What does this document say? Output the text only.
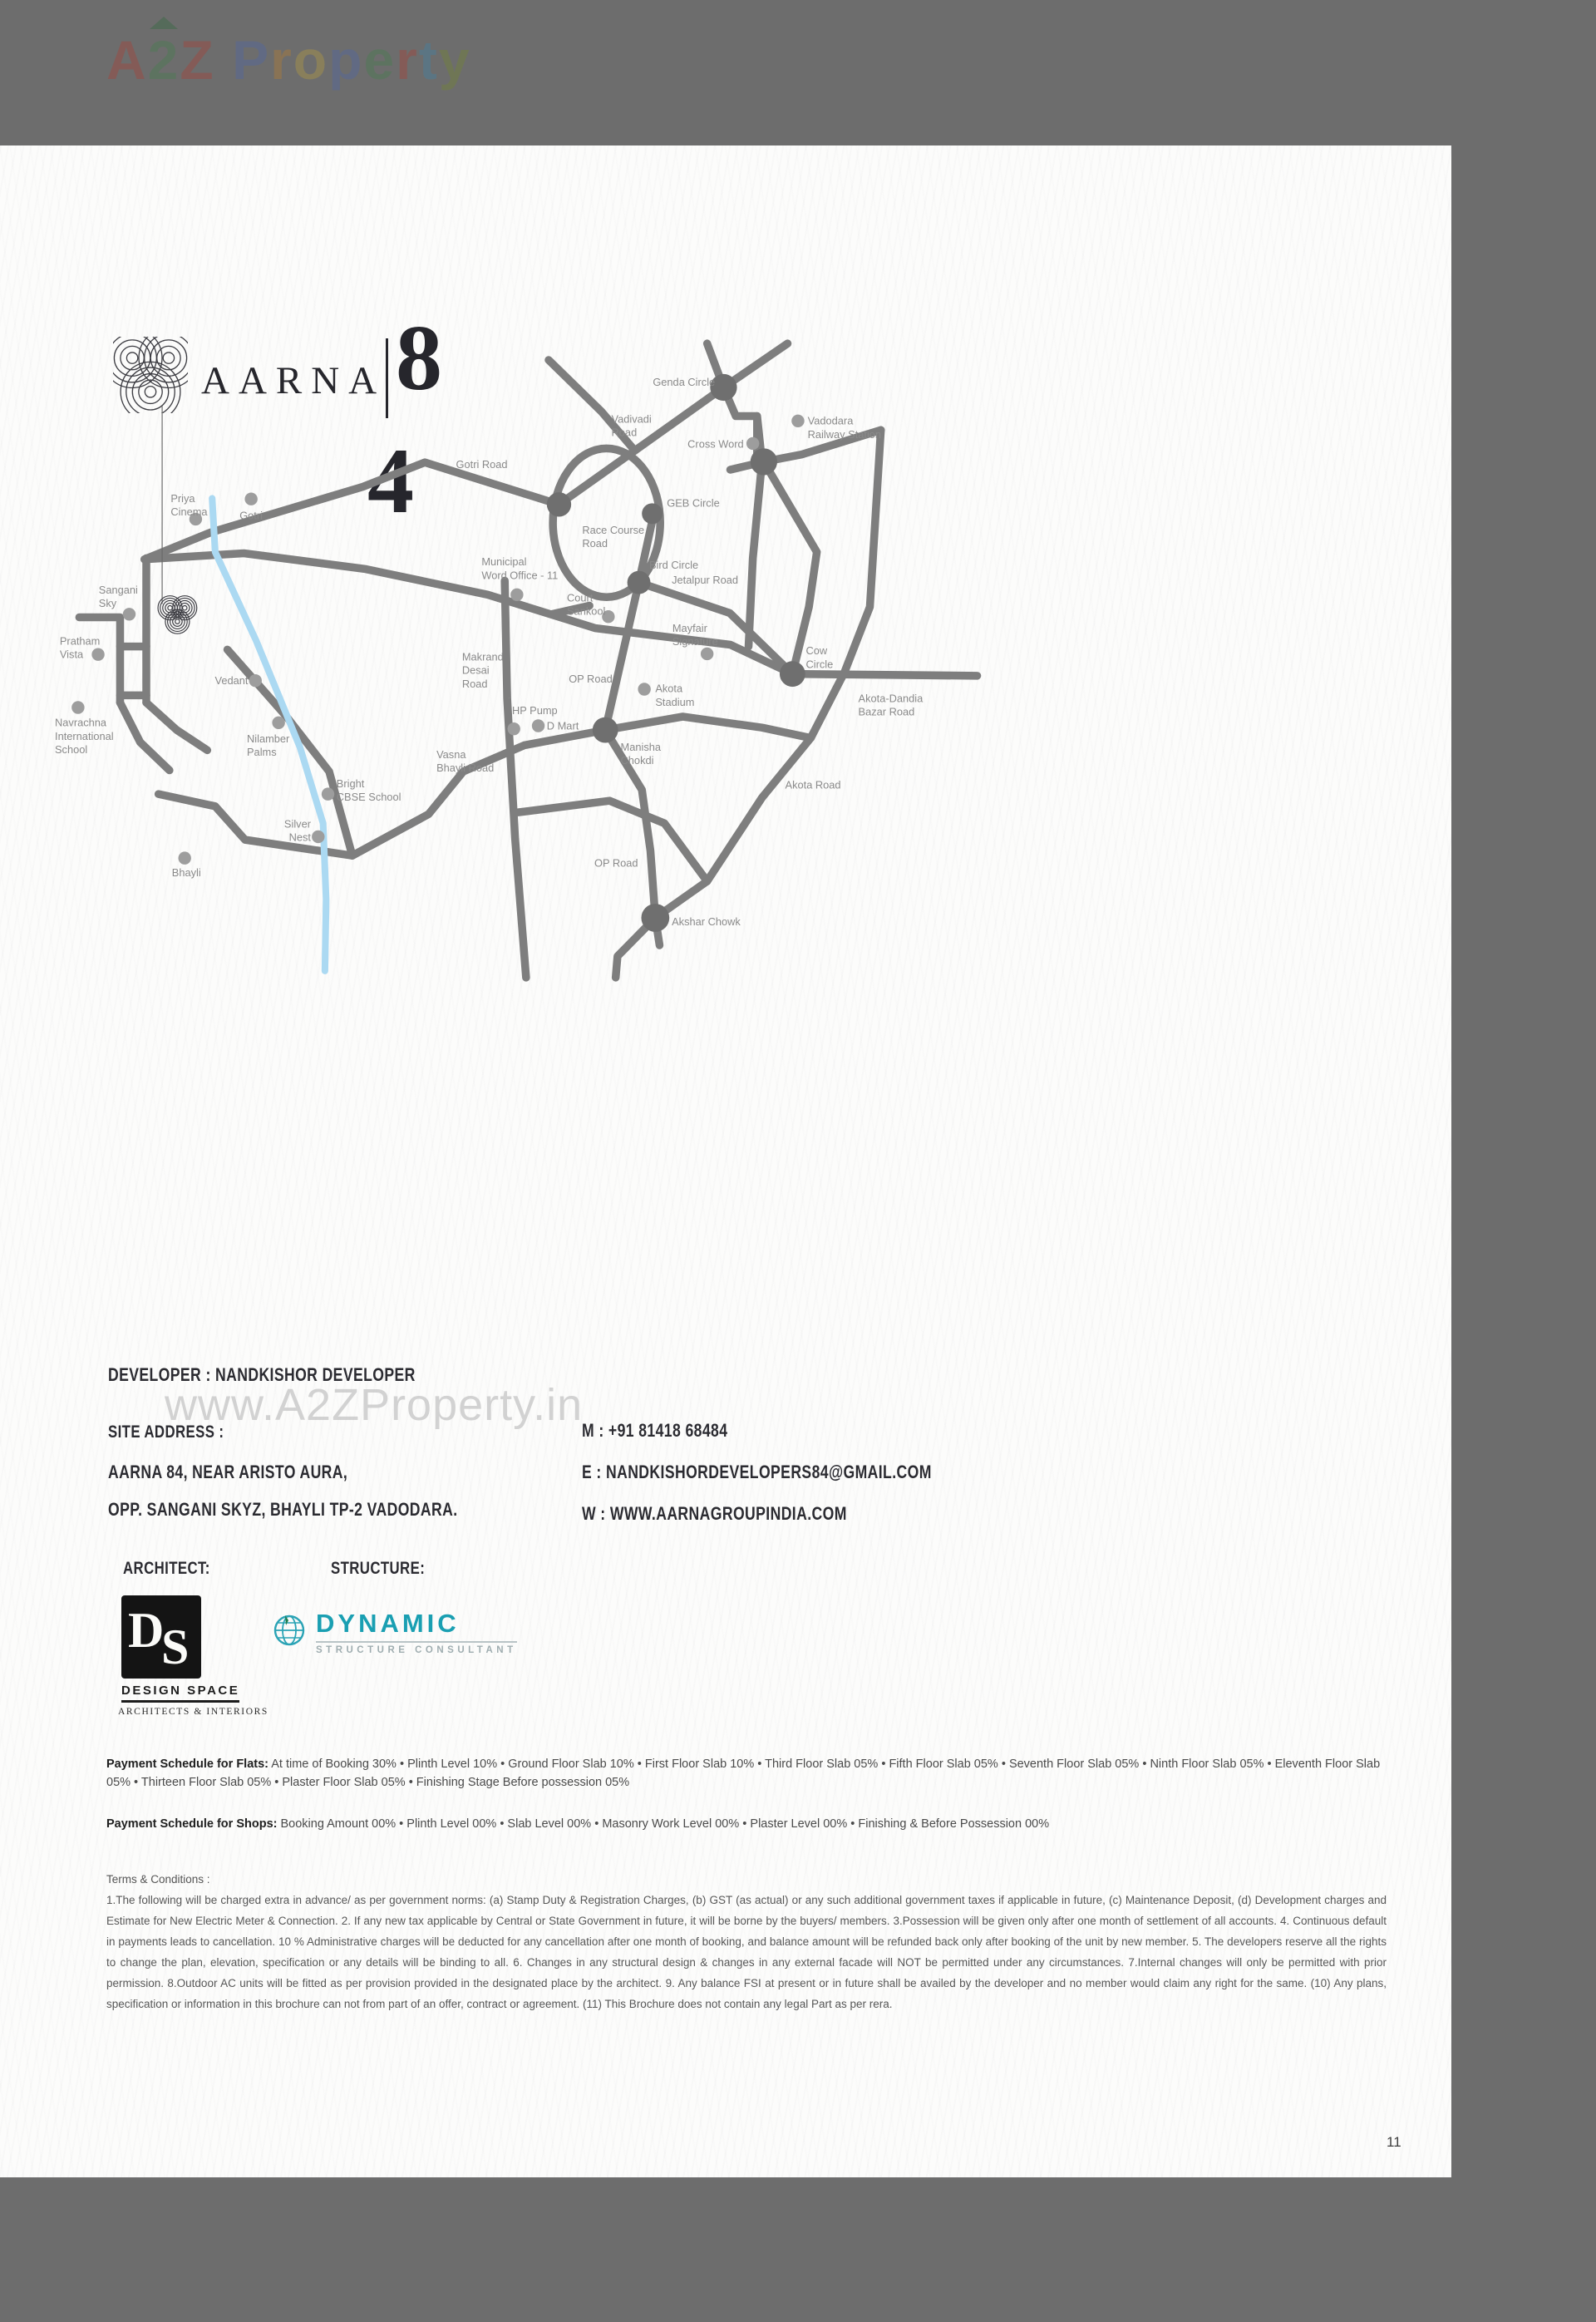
A2
Z Property
AARNA 84
Genda Circle
Vadivadi Road
Vadodara Railway Station
Cross Word
GEB Circle
Race Course Road
Bird Circle
Jetalpur Road
Gotri Road
Municipal Word Office - 11
Court Sankool
Mayfair Signature
Cow Circle
Makrand Desai Road	OP Road
Akota Stadium	Akota-Dandia Bazar Road
HP Pump
D Mart
Manisha Chokdi
Sangani Sky
Pratham Vista
Navrachna International School
Vedant
Nilamber Palms	Vasna Bhayli Road
Bright CBSE School
Silver Nest
Bhayli
Akota Road
OP Road
Priya Cinema Gotri
Akshar Chowk
www.A2ZProperty.in
DEVELOPER : NANDKISHOR DEVELOPER
SITE ADDRESS :
AARNA 84, NEAR ARISTO AURA,
OPP. SANGANI SKYZ, BHAYLI TP-2 VADODARA.
M : +91 81418 68484
E : NANDKISHORDEVELOPERS84@GMAIL.COM
W : WWW.AARNAGROUPINDIA.COM
ARCHITECT:	STRUCTURE:
D
S
DESIGN SPACE
ARCHITECTS & INTERIORS
DYNAMIC
STRUCTURE CONSULTANT
Payment Schedule for Flats: At time of Booking 30% • Plinth Level 10% • Ground Floor Slab 10% • First Floor Slab 10% • Third Floor Slab 05% • Fifth Floor Slab 05% • Seventh Floor Slab 05% • Ninth Floor Slab 05% • Eleventh Floor Slab 05% • Thirteen Floor Slab 05% • Plaster Floor Slab 05% • Finishing Stage Before possession 05%
Payment Schedule for Shops: Booking Amount 00% • Plinth Level 00% • Slab Level 00% • Masonry Work Level 00% • Plaster Level 00% • Finishing & Before Possession 00%
Terms & Conditions :
1.The following will be charged extra in advance/ as per government norms: (a) Stamp Duty & Registration Charges, (b) GST (as actual) or any such additional government taxes if applicable in future, (c) Maintenance Deposit, (d) Development charges and Estimate for New Electric Meter & Connection. 2. If any new tax applicable by Central or State Government in future, it will be borne by the buyers/ members. 3.Possession will be given only after one month of settlement of all accounts. 4. Continuous default in payments leads to cancellation. 10 % Administrative charges will be deducted for any cancellation after one month of booking, and balance amount will be refunded back only after booking of the unit by new member. 5. The developers reserve all the rights to change the plan, elevation, specification or any details will be binding to all. 6. Changes in any structural design & changes in any external facade will NOT be permitted under any circumstances. 7.Internal changes will only be permitted with prior permission. 8.Outdoor AC units will be fitted as per provision provided in the designated place by the architect. 9. Any balance FSI at present or in future shall be availed by the developer and no member would claim any right for the same. (10) Any plans, specification or information in this brochure can not from part of an offer, contract or agreement. (11) This Brochure does not contain any legal Part as per rera.
11
